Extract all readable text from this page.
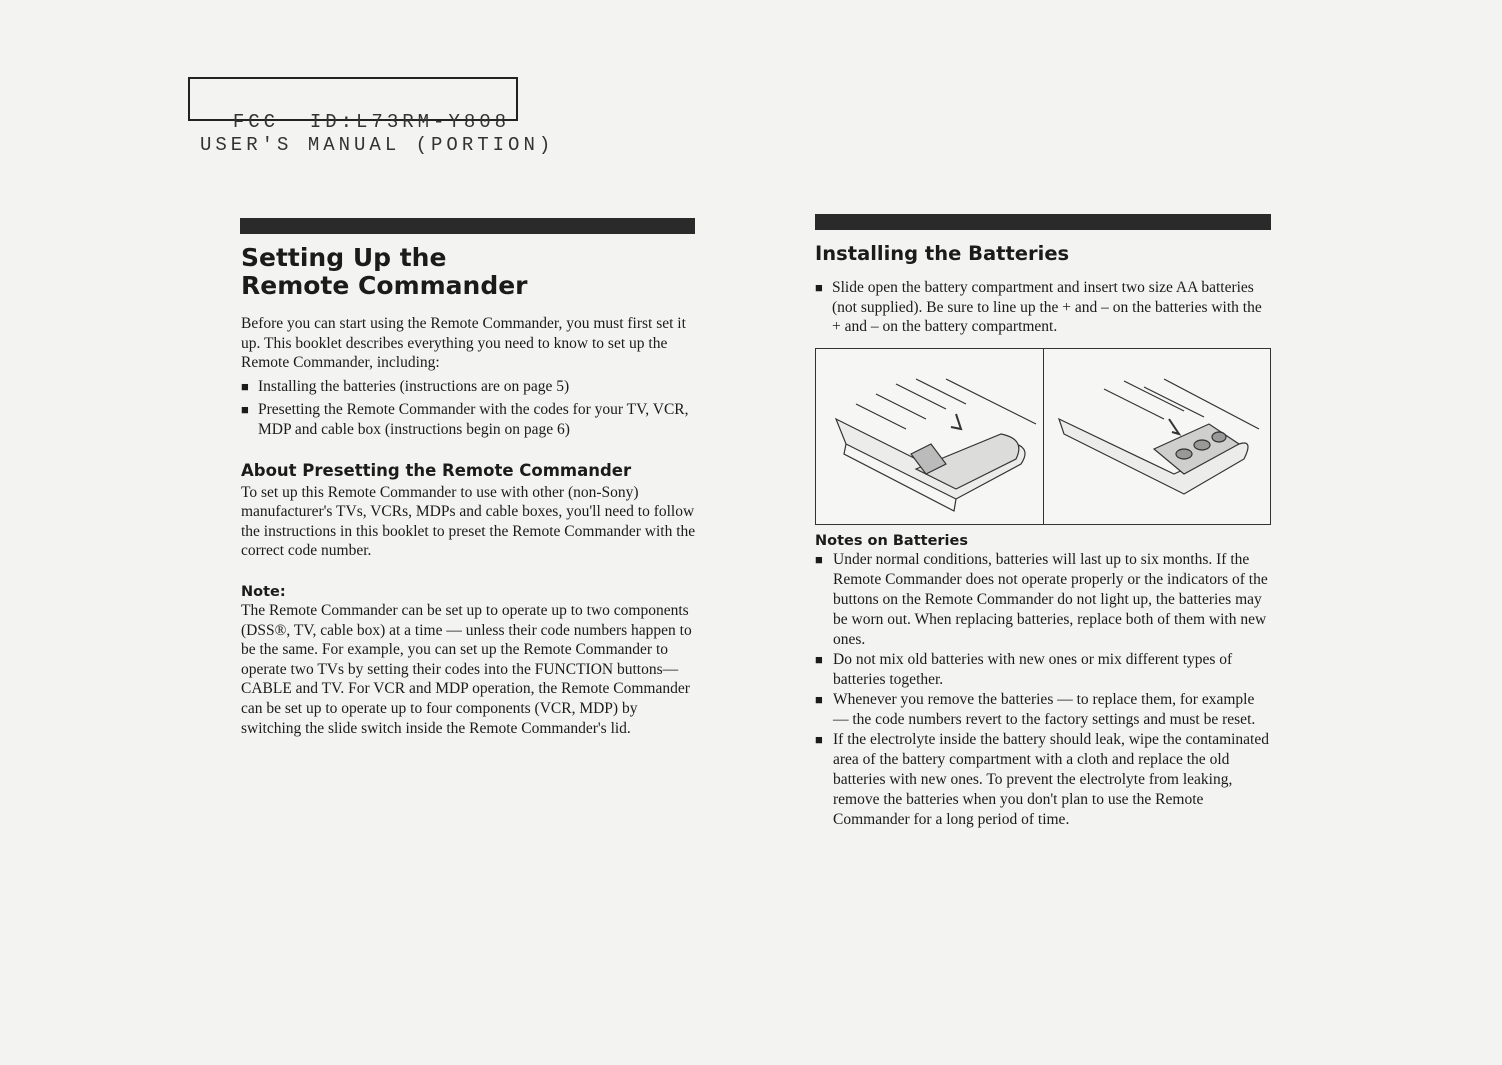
FCC  ID:L73RM-Y808

USER'S MANUAL (PORTION)
Setting Up the Remote Commander

Before you can start using the Remote Commander, you must first set it up. This booklet describes everything you need to know to set up the Remote Commander, including:

■ Installing the batteries (instructions are on page 5)
■ Presetting the Remote Commander with the codes for your TV, VCR, MDP and cable box (instructions begin on page 6)
About Presetting the Remote Commander

To set up this Remote Commander to use with other (non-Sony) manufacturer's TVs, VCRs, MDPs and cable boxes, you'll need to follow the instructions in this booklet to preset the Remote Commander with the correct code number.

Note:

The Remote Commander can be set up to operate up to two components (DSS®, TV, cable box) at a time — unless their code numbers happen to be the same. For example, you can set up the Remote Commander to operate two TVs by setting their codes into the FUNCTION buttons—CABLE and TV. For VCR and MDP operation, the Remote Commander can be set up to operate up to four components (VCR, MDP) by switching the slide switch inside the Remote Commander's lid.

Installing the Batteries
■ Slide open the battery compartment and insert two size AA batteries (not supplied). Be sure to line up the + and – on the batteries with the + and – on the battery compartment.
Notes on Batteries
■ Under normal conditions, batteries will last up to six months. If the Remote Commander does not operate properly or the indicators of the buttons on the Remote Commander do not light up, the batteries may be worn out. When replacing batteries, replace both of them with new ones.
■ Do not mix old batteries with new ones or mix different types of batteries together.
■ Whenever you remove the batteries — to replace them, for example — the code numbers revert to the factory settings and must be reset.
■ If the electrolyte inside the battery should leak, wipe the contaminated area of the battery compartment with a cloth and replace the old batteries with new ones. To prevent the electrolyte from leaking, remove the batteries when you don't plan to use the Remote Commander for a long period of time.
